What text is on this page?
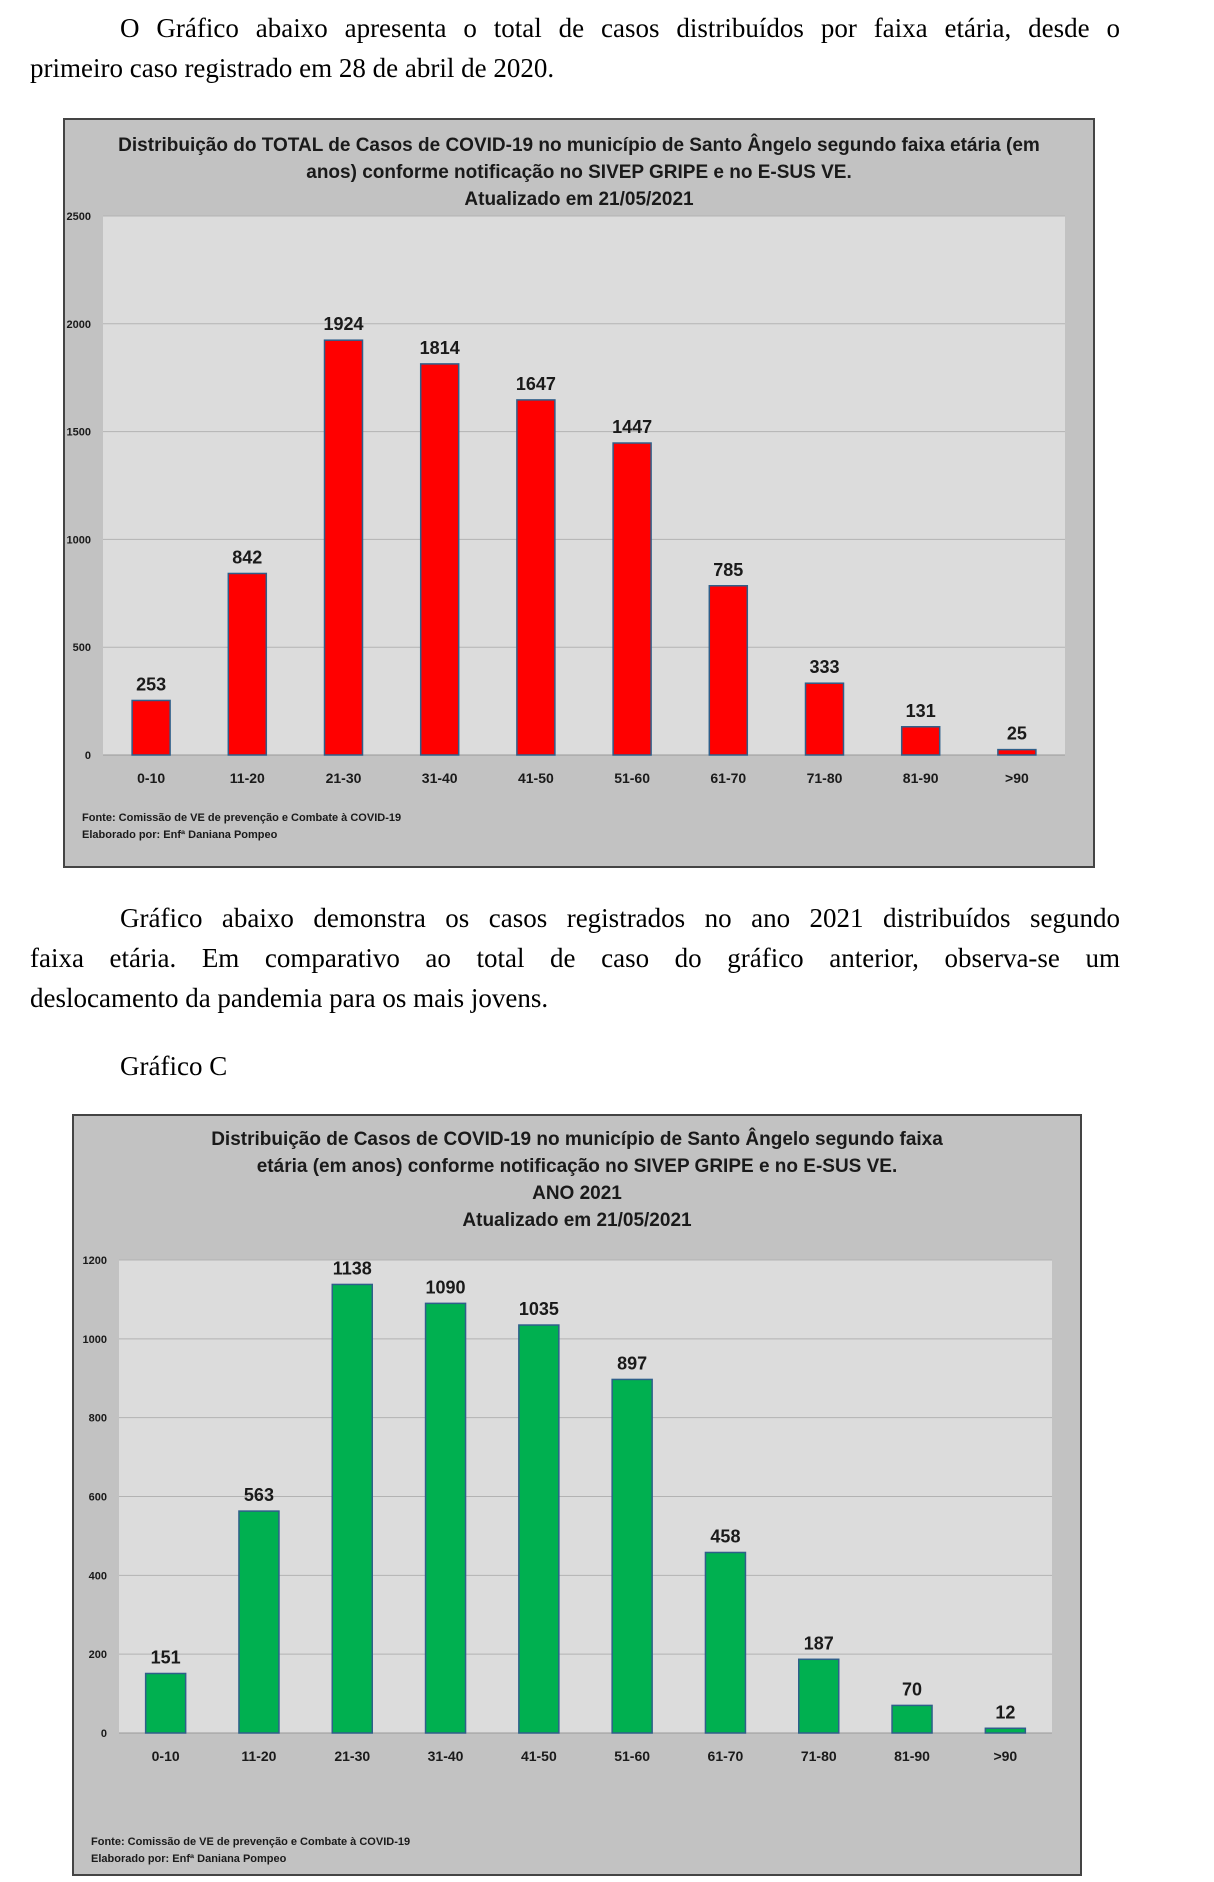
O Gráfico abaixo apresenta o total de casos distribuídos por faixa etária, desde o
primeiro caso registrado em 28 de abril de 2020.
Distribuição do TOTAL de Casos de COVID-19 no município de Santo Ângelo segundo faixa etária (em
anos) conforme notificação no SIVEP GRIPE e no E-SUS VE.
Atualizado em 21/05/2021
0
500
1000
1500
2000
2500
253
0-10
842
11-20
1924
21-30
1814
31-40
1647
41-50
1447
51-60
785
61-70
333
71-80
131
81-90
25
>90
Fonte: Comissão de VE de prevenção e Combate à COVID-19
Elaborado por: Enfª Daniana Pompeo
Gráfico abaixo demonstra os casos registrados no ano 2021 distribuídos segundo
faixa etária. Em comparativo ao total de caso do gráfico anterior, observa-se um
deslocamento da pandemia para os mais jovens.
Gráfico C
Distribuição de Casos de COVID-19 no município de Santo Ângelo segundo faixa
etária (em anos) conforme notificação no SIVEP GRIPE e no E-SUS VE.
ANO 2021
Atualizado em 21/05/2021
0
200
400
600
800
1000
1200
151
0-10
563
11-20
1138
21-30
1090
31-40
1035
41-50
897
51-60
458
61-70
187
71-80
70
81-90
12
>90
Fonte: Comissão de VE de prevenção e Combate à COVID-19
Elaborado por: Enfª Daniana Pompeo
